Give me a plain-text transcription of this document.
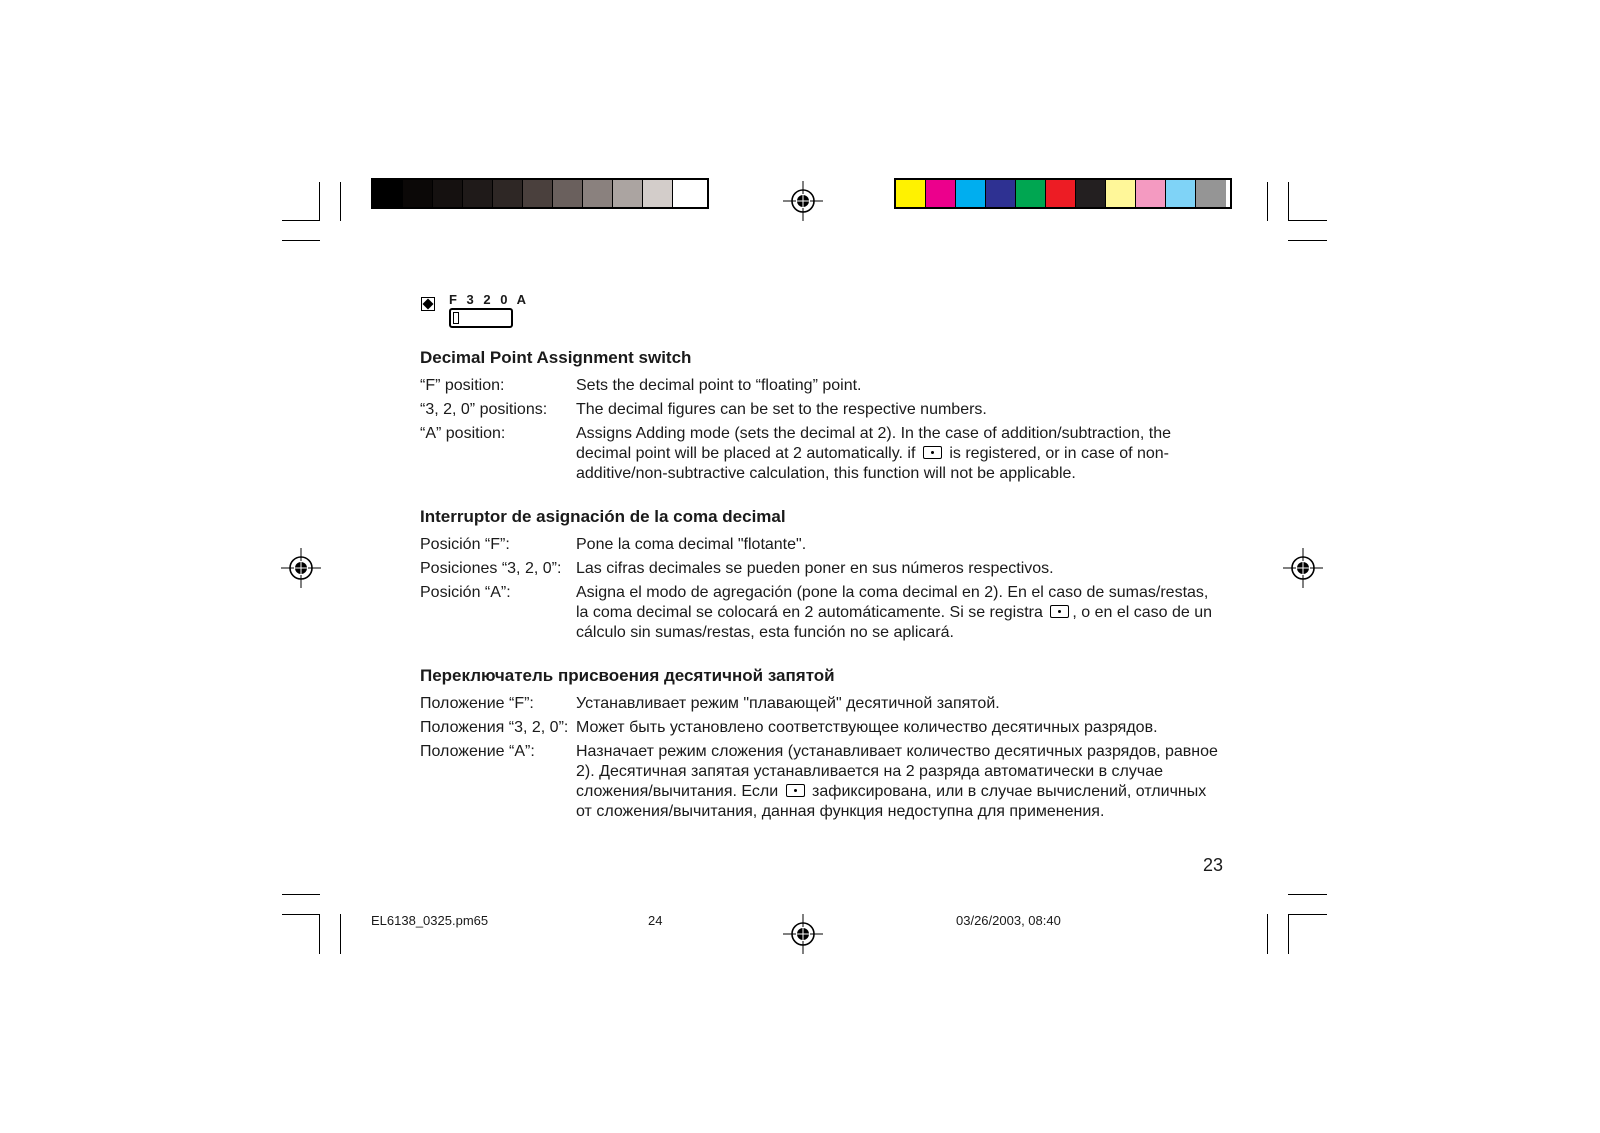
F 3 2 0 A
Decimal Point Assignment switch
“F” position:	Sets the decimal point to “floating” point.
“3, 2, 0” positions:	The decimal figures can be set to the respective numbers.
“A” position:	Assigns Adding mode (sets the decimal at 2). In the case of addition/subtraction, the decimal point will be placed at 2 automatically. if is registered, or in case of non-additive/non-subtractive calculation, this function will not be applicable.
Interruptor de asignación de la coma decimal
Posición “F”:	Pone la coma decimal "flotante".
Posiciones “3, 2, 0”: Las cifras decimales se pueden poner en sus números respectivos.
Posición “A”:	Asigna el modo de agregación (pone la coma decimal en 2). En el caso de sumas/restas, la coma decimal se colocará en 2 automáticamente. Si se registra , o en el caso de un cálculo sin sumas/restas, esta función no se aplicará.
Переключатель присвоения десятичной запятой
Положение “F”:	Устанавливает режим "плавающей" десятичной запятой.
Положения “3, 2, 0”: Может быть установлено соответствующее количество десятичных разрядов.
Положение “A”:	Назначает режим сложения (устанавливает количество десятичных разрядов, равное 2). Десятичная запятая устанавливается на 2 разряда автоматически в случае сложения/вычитания. Если зафиксирована, или в случае вычислений, отличных от сложения/вычитания, данная функция недоступна для применения.
23
EL6138_0325.pm65	24	03/26/2003, 08:40
